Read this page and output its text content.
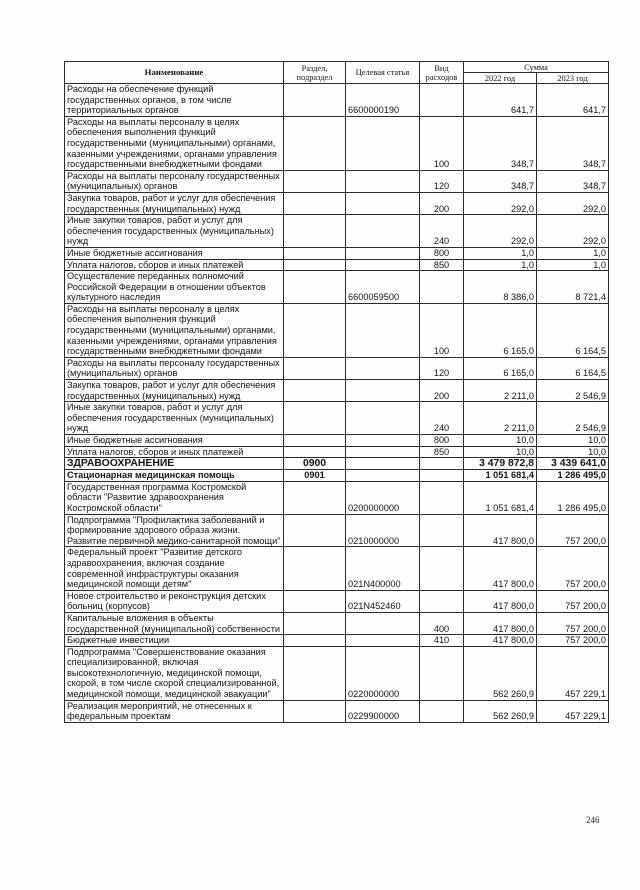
Наименование	Раздел, подраздел	Целевая статья	Вид расходов	Сумма	
				2022 год	2023 год
Расходы на обеспечение функций государственных органов, в том числе территориальных органов		6600000190		641,7	641,7
Расходы на выплаты персоналу в целях обеспечения выполнения функций государственными (муниципальными) органами, казенными учреждениями, органами управления государственными внебюджетными фондами			100	348,7	348,7
Расходы на выплаты персоналу государственных (муниципальных) органов			120	348,7	348,7
Закупка товаров, работ и услуг для обеспечения государственных (муниципальных) нужд			200	292,0	292,0
Иные закупки товаров, работ и услуг для обеспечения государственных (муниципальных) нужд			240	292,0	292,0
Иные бюджетные ассигнования			800	1,0	1,0
Уплата налогов, сборов и иных платежей			850	1,0	1,0
Осуществление переданных полномочий Российской Федерации в отношении объектов культурного наследия		6600059500		8 386,0	8 721,4
Расходы на выплаты персоналу в целях обеспечения выполнения функций государственными (муниципальными) органами, казенными учреждениями, органами управления государственными внебюджетными фондами			100	6 165,0	6 164,5
Расходы на выплаты персоналу государственных (муниципальных) органов			120	6 165,0	6 164,5
Закупка товаров, работ и услуг для обеспечения государственных (муниципальных) нужд			200	2 211,0	2 546,9
Иные закупки товаров, работ и услуг для обеспечения государственных (муниципальных) нужд			240	2 211,0	2 546,9
Иные бюджетные ассигнования			800	10,0	10,0
Уплата налогов, сборов и иных платежей			850	10,0	10,0
ЗДРАВООХРАНЕНИЕ	0900			3 479 872,8	3 439 641,0
Стационарная медицинская помощь	0901			1 051 681,4	1 286 495,0
Государственная программа Костромской области "Развитие здравоохранения Костромской области"		0200000000		1 051 681,4	1 286 495,0
Подпрограмма "Профилактика заболеваний и формирование здорового образа жизни. Развитие первичной медико-санитарной помощи"		0210000000		417 800,0	757 200,0
Федеральный проект "Развитие детского здравоохранения, включая создание современной инфраструктуры оказания медицинской помощи детям"		021N400000		417 800,0	757 200,0
Новое строительство и реконструкция детских больниц (корпусов)		021N452460		417 800,0	757 200,0
Капитальные вложения в объекты государственной (муниципальной) собственности			400	417 800,0	757 200,0
Бюджетные инвестиции			410	417 800,0	757 200,0
Подпрограмма "Совершенствование оказания специализированной, включая высокотехнологичную, медицинской помощи, скорой, в том числе скорой специализированной, медицинской помощи, медицинской эвакуации"		0220000000		562 260,9	457 229,1
Реализация мероприятий, не отнесенных к федеральным проектам		0229900000		562 260,9	457 229,1
246
